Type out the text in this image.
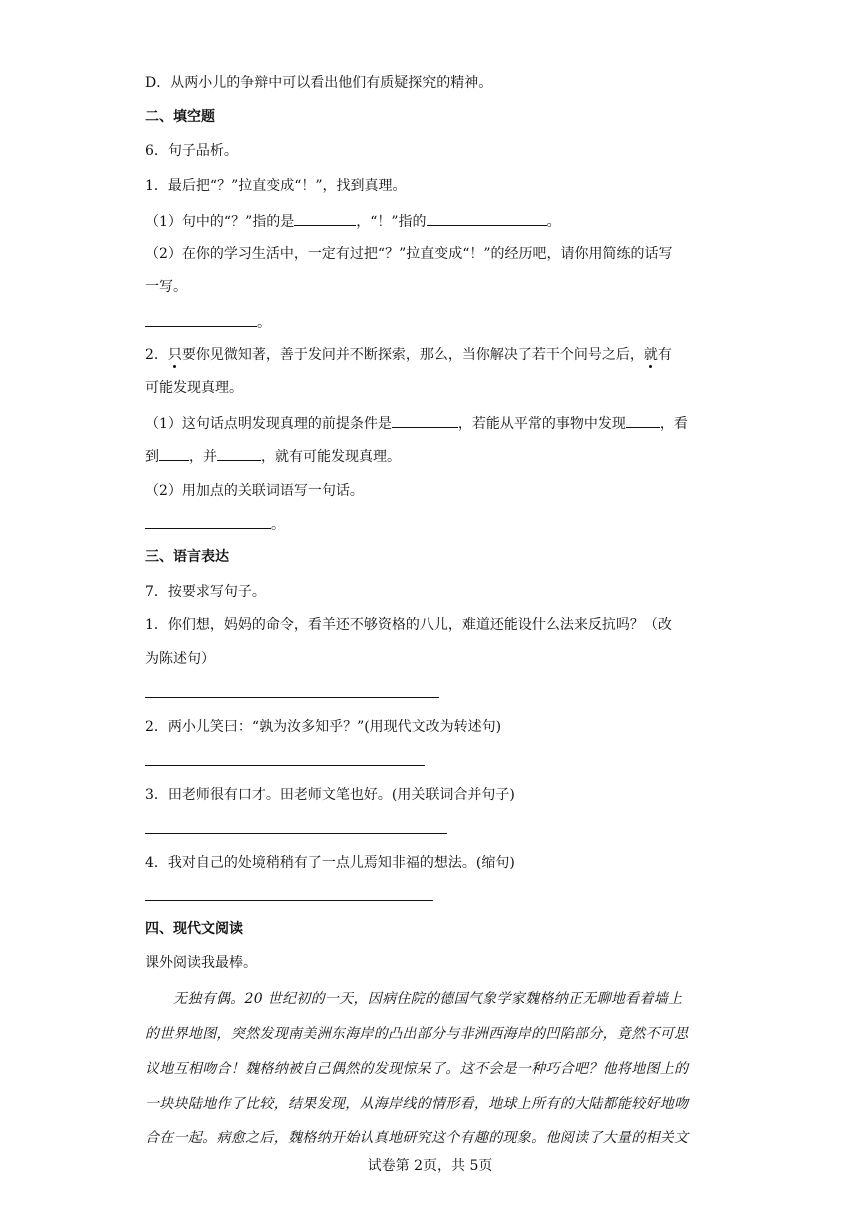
D．从两小儿的争辩中可以看出他们有质疑探究的精神。
二、填空题
6．句子品析。
1．最后把“？”拉直变成“！”，找到真理。
（1）句中的“？”指的是	，“！”指的	。
（2）在你的学习生活中，一定有过把“？”拉直变成“！”的经历吧，请你用简练的话写
一写。
。
2．只要你见微知著，善于发问并不断探索，那么，当你解决了若干个问号之后，就有
可能发现真理。
（1）这句话点明发现真理的前提条件是	，若能从平常的事物中发现 ，看
到 ，并	，就有可能发现真理。
（2）用加点的关联词语写一句话。
。
三、语言表达
7．按要求写句子。
1．你们想，妈妈的命令，看羊还不够资格的八儿，难道还能设什么法来反抗吗？（改
为陈述句）
2．两小儿笑曰：“孰为汝多知乎？”(用现代文改为转述句)
3．田老师很有口才。田老师文笔也好。(用关联词合并句子)
4．我对自己的处境稍稍有了一点儿焉知非福的想法。(缩句)
四、现代文阅读
课外阅读我最棒。
无独有偶。20 世纪初的一天，因病住院的德国气象学家魏格纳正无聊地看着墙上
的世界地图，突然发现南美洲东海岸的凸出部分与非洲西海岸的凹陷部分，竟然不可思
议地互相吻合！魏格纳被自己偶然的发现惊呆了。这不会是一种巧合吧？他将地图上的
一块块陆地作了比较，结果发现，从海岸线的情形看，地球上所有的大陆都能较好地吻
合在一起。病愈之后，魏格纳开始认真地研究这个有趣的现象。他阅读了大量的相关文
试卷第 2页，共 5页
